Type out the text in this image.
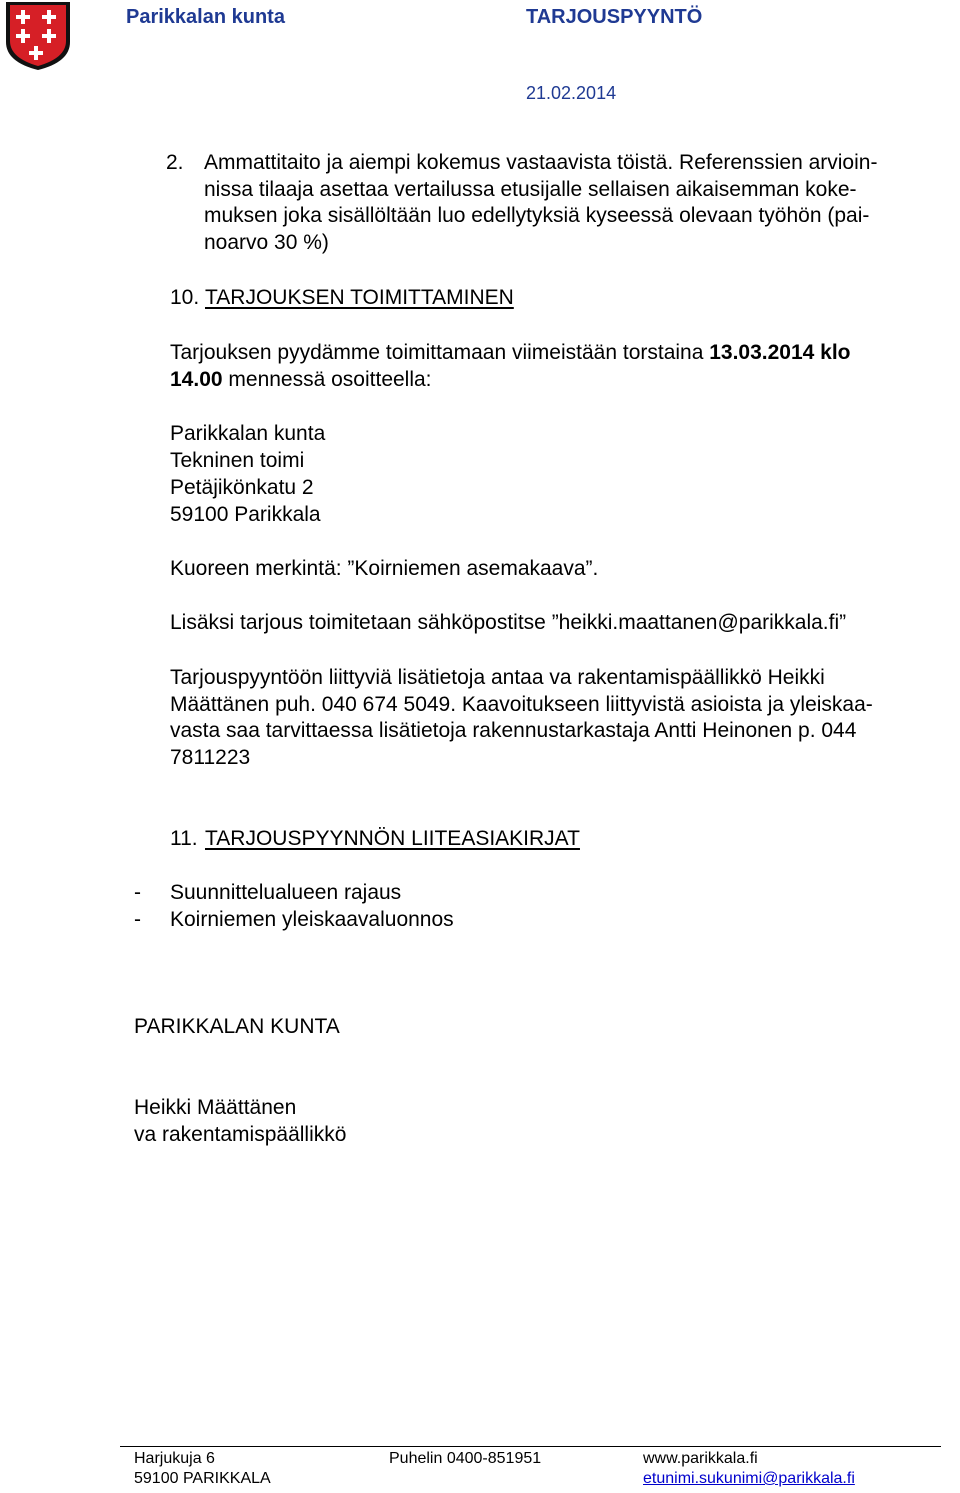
Parikkalan kunta	TARJOUSPYYNTÖ
21.02.2014
2. Ammattitaito ja aiempi kokemus vastaavista töistä. Referenssien arvioin-
nissa tilaaja asettaa vertailussa etusijalle sellaisen aikaisemman koke-
muksen joka sisällöltään luo edellytyksiä kyseessä olevaan työhön (pai-
noarvo 30 %)
10. TARJOUKSEN TOIMITTAMINEN
Tarjouksen pyydämme toimittamaan viimeistään torstaina 13.03.2014 klo
14.00 mennessä osoitteella:
Parikkalan kunta
Tekninen toimi
Petäjikönkatu 2
59100 Parikkala
Kuoreen merkintä: ”Koirniemen asemakaava”.
Lisäksi tarjous toimitetaan sähköpostitse ”heikki.maattanen@parikkala.fi”
Tarjouspyyntöön liittyviä lisätietoja antaa va rakentamispäällikkö Heikki
Määttänen puh. 040 674 5049. Kaavoitukseen liittyvistä asioista ja yleiskaa-
vasta saa tarvittaessa lisätietoja rakennustarkastaja Antti Heinonen p. 044
7811223
11. TARJOUSPYYNNÖN LIITEASIAKIRJAT
- Suunnittelualueen rajaus
- Koirniemen yleiskaavaluonnos
PARIKKALAN KUNTA
Heikki Määttänen
va rakentamispäällikkö
Harjukuja 6
59100 PARIKKALA
Puhelin 0400-851951	www.parikkala.fi
etunimi.sukunimi@parikkala.fi
